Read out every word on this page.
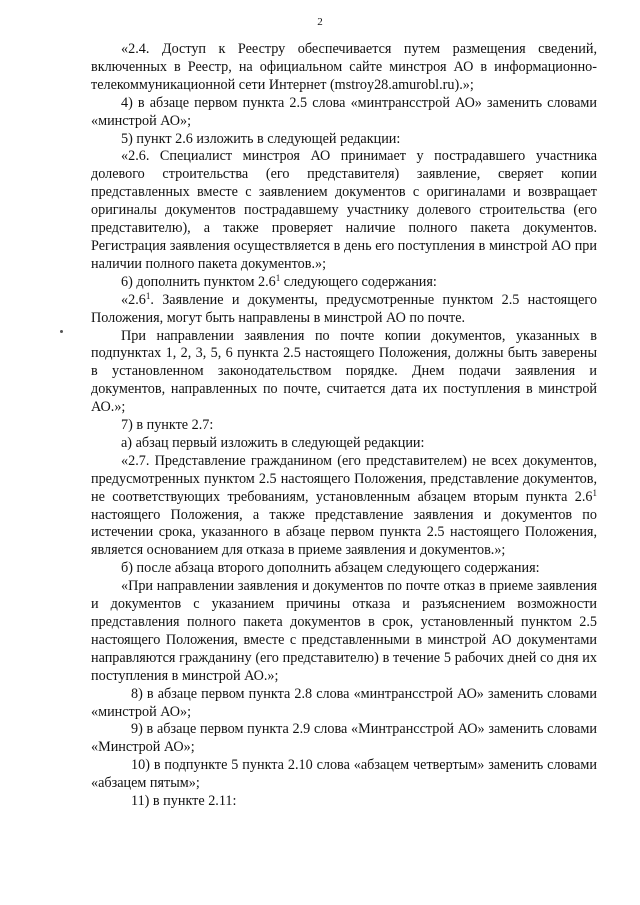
2

«2.4. Доступ к Реестру обеспечивается путем размещения сведений, включенных в Реестр, на официальном сайте минстроя АО в информационно-телекоммуникационной сети Интернет (mstroy28.amurobl.ru).»;

4) в абзаце первом пункта 2.5 слова «минтрансстрой АО» заменить словами «минстрой АО»;

5) пункт 2.6 изложить в следующей редакции:

«2.6. Специалист минстроя АО принимает у пострадавшего участника долевого строительства (его представителя) заявление, сверяет копии представленных вместе с заявлением документов с оригиналами и возвращает оригиналы документов пострадавшему участнику долевого строительства (его представителю), а также проверяет наличие полного пакета документов. Регистрация заявления осуществляется в день его поступления в минстрой АО при наличии полного пакета документов.»;

6) дополнить пунктом $2.6^1$ следующего содержания:

«$2.6^1$. Заявление и документы, предусмотренные пунктом 2.5 настоящего Положения, могут быть направлены в минстрой АО по почте.

При направлении заявления по почте копии документов, указанных в подпунктах 1, 2, 3, 5, 6 пункта 2.5 настоящего Положения, должны быть заверены в установленном законодательством порядке. Днем подачи заявления и документов, направленных по почте, считается дата их поступления в минстрой АО.»;

7) в пункте 2.7:

а) абзац первый изложить в следующей редакции:

«2.7. Представление гражданином (его представителем) не всех документов, предусмотренных пунктом 2.5 настоящего Положения, представление документов, не соответствующих требованиям, установленным абзацем вторым пункта $2.6^1$ настоящего Положения, а также представление заявления и документов по истечении срока, указанного в абзаце первом пункта 2.5 настоящего Положения, является основанием для отказа в приеме заявления и документов.»;

б) после абзаца второго дополнить абзацем следующего содержания:

«При направлении заявления и документов по почте отказ в приеме заявления и документов с указанием причины отказа и разъяснением возможности представления полного пакета документов в срок, установленный пунктом 2.5 настоящего Положения, вместе с представленными в минстрой АО документами направляются гражданину (его представителю) в течение 5 рабочих дней со дня их поступления в минстрой АО.»;

8) в абзаце первом пункта 2.8 слова «минтрансстрой АО» заменить словами «минстрой АО»;

9) в абзаце первом пункта 2.9 слова «Минтрансстрой АО» заменить словами «Минстрой АО»;

10) в подпункте 5 пункта 2.10 слова «абзацем четвертым» заменить словами «абзацем пятым»;

11) в пункте 2.11:
